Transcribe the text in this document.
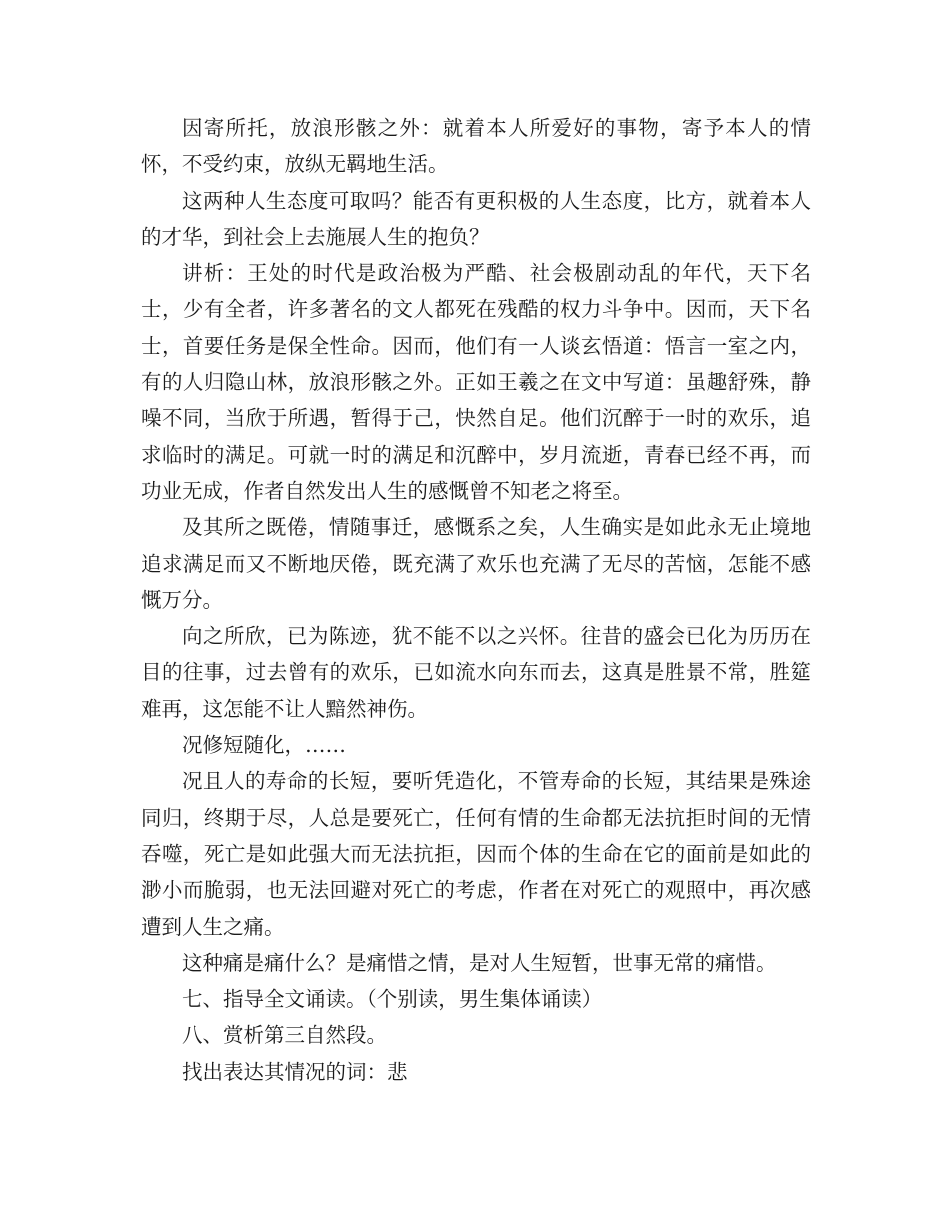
因寄所托，放浪形骸之外：就着本人所爱好的事物，寄予本人的情怀，不受约束，放纵无羁地生活。

这两种人生态度可取吗？能否有更积极的人生态度，比方，就着本人的才华，到社会上去施展人生的抱负？

讲析：王处的时代是政治极为严酷、社会极剧动乱的年代，天下名士，少有全者，许多著名的文人都死在残酷的权力斗争中。因而，天下名士，首要任务是保全性命。因而，他们有一人谈玄悟道：悟言一室之内，有的人归隐山林，放浪形骸之外。正如王羲之在文中写道：虽趣舒殊，静噪不同，当欣于所遇，暂得于己，快然自足。他们沉醉于一时的欢乐，追求临时的满足。可就一时的满足和沉醉中，岁月流逝，青春已经不再，而功业无成，作者自然发出人生的感慨曾不知老之将至。

及其所之既倦，情随事迁，感慨系之矣，人生确实是如此永无止境地追求满足而又不断地厌倦，既充满了欢乐也充满了无尽的苦恼，怎能不感慨万分。

向之所欣，已为陈迹，犹不能不以之兴怀。往昔的盛会已化为历历在目的往事，过去曾有的欢乐，已如流水向东而去，这真是胜景不常，胜筵难再，这怎能不让人黯然神伤。

况修短随化，……

况且人的寿命的长短，要听凭造化，不管寿命的长短，其结果是殊途同归，终期于尽，人总是要死亡，任何有情的生命都无法抗拒时间的无情吞噬，死亡是如此强大而无法抗拒，因而个体的生命在它的面前是如此的渺小而脆弱，也无法回避对死亡的考虑，作者在对死亡的观照中，再次感遭到人生之痛。

这种痛是痛什么？是痛惜之情，是对人生短暂，世事无常的痛惜。

七、指导全文诵读。（个别读，男生集体诵读）

八、赏析第三自然段。

找出表达其情况的词：悲
